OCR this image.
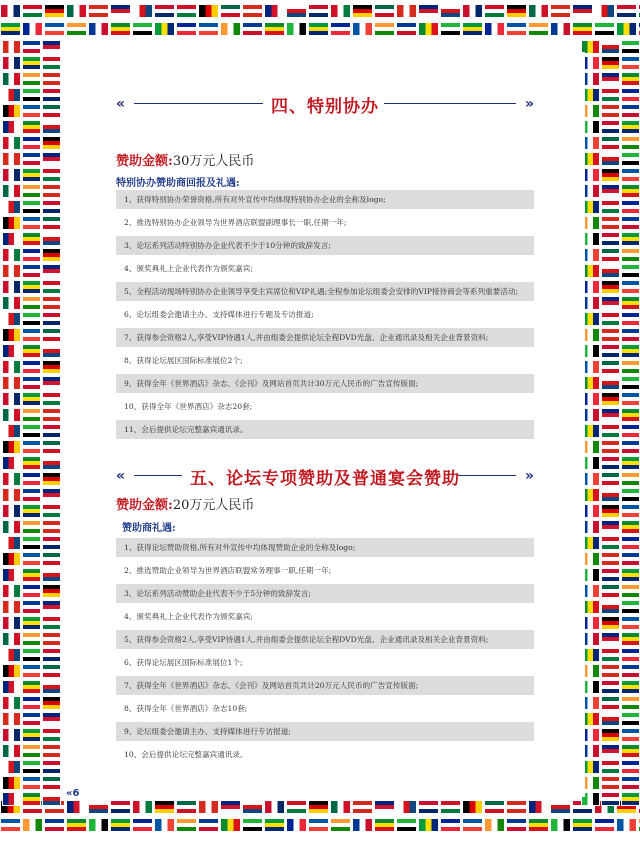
«	四、特别协办	»
赞助金额:30万元人民币
特别协办赞助商回报及礼遇:
1、获得特别协办荣誉资格,所有对外宣传中均体现特别协办企业的全称及logo;
2、推选特别协办企业领导为世界酒店联盟副理事长一职,任期一年;
3、论坛系列活动特别协办企业代表不少于10分钟的致辞发言;
4、颁奖典礼上企业代表作为颁奖嘉宾;
5、全程活动现场特别协办企业领导享受主宾席位和VIP礼遇;全程参加论坛组委会安排的VIP接待商会等系列重要活动;
6、论坛组委会邀请主办、支持媒体进行专题及专访报道;
7、获得参会资格2人,享受VIP待遇1人,并由组委会提供论坛全程DVD光盘、企业通讯录及相关企业背景资料;
8、获得论坛展区国际标准展位2个;
9、获得全年《世界酒店》杂志、《会刊》及网站首页共计30万元人民币的广告宣传版面;
10、获得全年《世界酒店》杂志20套;
11、会后提供论坛完整嘉宾通讯录。
«	五、论坛专项赞助及普通宴会赞助	»
赞助金额:20万元人民币
赞助商礼遇:
1、获得论坛赞助资格,所有对外宣传中均体现赞助企业的全称及logo;
2、推选赞助企业领导为世界酒店联盟常务理事一职,任期一年;
3、论坛系列活动赞助企业代表不少于5分钟的致辞发言;
4、颁奖典礼上企业代表作为颁奖嘉宾;
5、获得参会资格2人,享受VIP待遇1人,并由组委会提供论坛全程DVD光盘、企业通讯录及相关企业背景资料;
6、获得论坛展区国际标准展位1个;
7、获得全年《世界酒店》杂志、《会刊》及网站首页共计20万元人民币的广告宣传版面;
8、获得全年《世界酒店》杂志10套;
9、论坛组委会邀请主办、支持媒体进行专访报道;
10、会后提供论坛完整嘉宾通讯录。
«6
